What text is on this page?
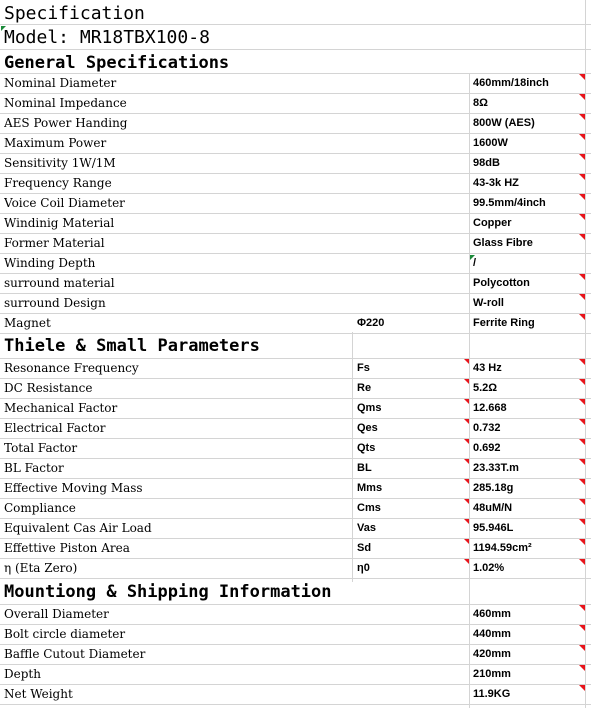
Specification
Model: MR18TBX100-8
General Specifications
Nominal Diameter	460mm/18inch
Nominal Impedance	8Ω
AES Power Handing	800W (AES)
Maximum Power	1600W
Sensitivity 1W/1M	98dB
Frequency Range	43-3k HZ
Voice Coil Diameter	99.5mm/4inch
Windinig Material	Copper
Former Material	Glass Fibre
Winding Depth	/
surround material	Polycotton
surround Design	W-roll
Magnet	Φ220	Ferrite Ring
Thiele & Small Parameters
Resonance Frequency	Fs	43 Hz
DC Resistance	Re	5.2Ω
Mechanical Factor	Qms	12.668
Electrical Factor	Qes	0.732
Total Factor	Qts	0.692
BL Factor	BL	23.33T.m
Effective Moving Mass	Mms	285.18g
Compliance	Cms	48uM/N
Equivalent Cas Air Load	Vas	95.946L
Effettive Piston Area	Sd	1194.59cm²
η (Eta Zero)	η0	1.02%
Mountiong & Shipping Information
Overall Diameter	460mm
Bolt circle diameter	440mm
Baffle Cutout Diameter	420mm
Depth	210mm
Net Weight	11.9KG
